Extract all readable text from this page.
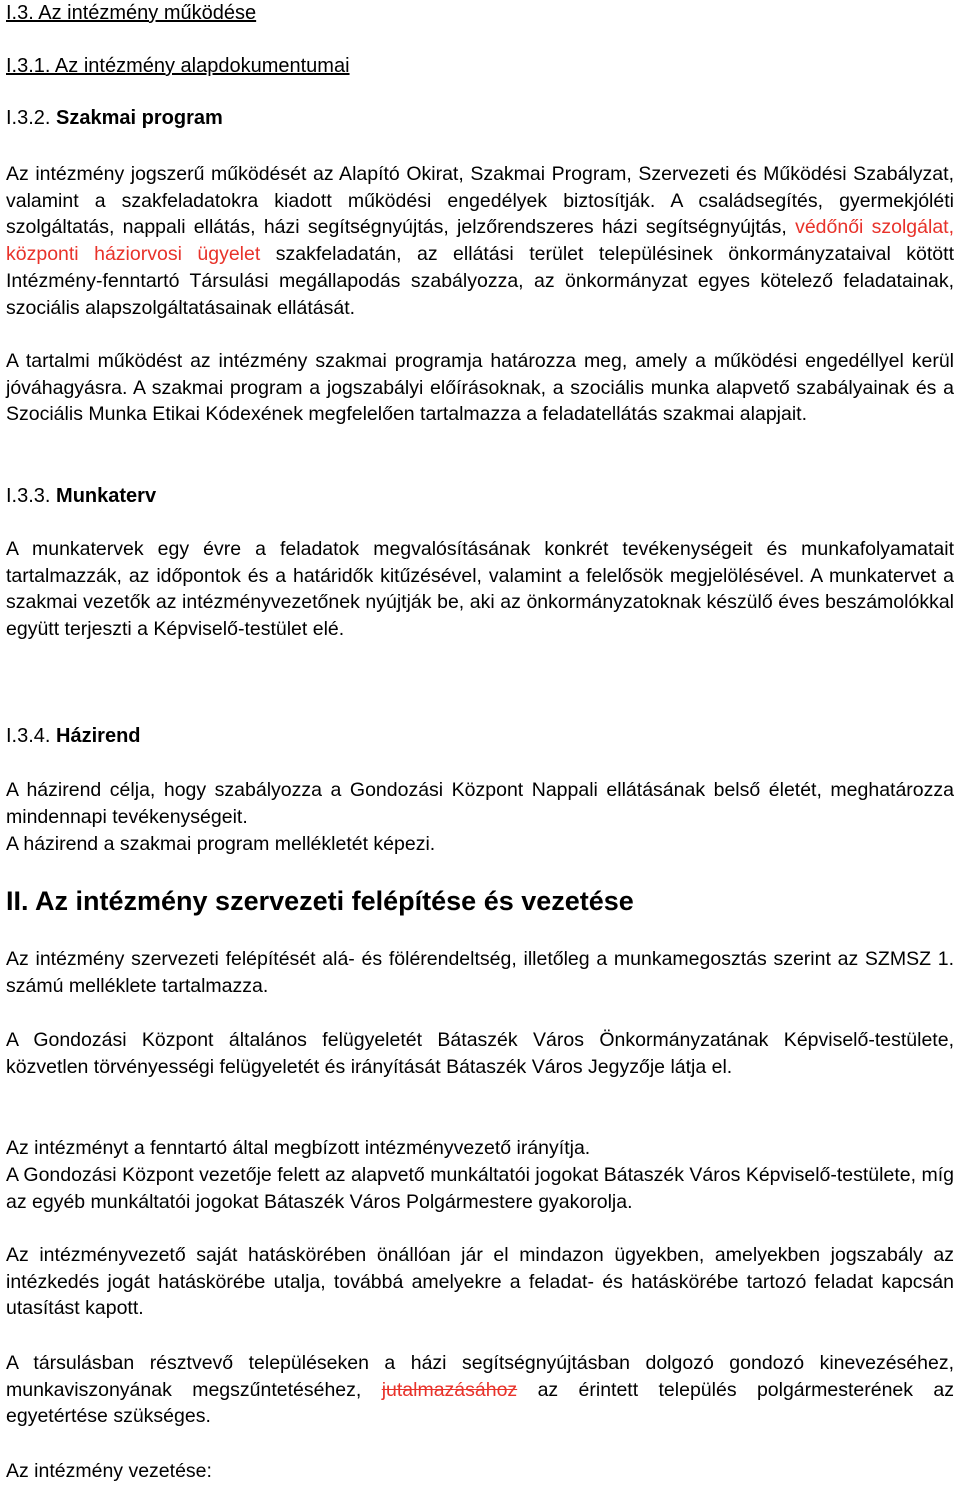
I.3. Az intézmény működése
I.3.1. Az intézmény alapdokumentumai
I.3.2. Szakmai program

Az intézmény jogszerű működését az Alapító Okirat, Szakmai Program, Szervezeti és Működési Szabályzat, valamint a szakfeladatokra kiadott működési engedélyek biztosítják. A családsegítés, gyermekjóléti szolgáltatás, nappali ellátás, házi segítségnyújtás, jelzőrendszeres házi segítségnyújtás, védőnői szolgálat, központi háziorvosi ügyelet szakfeladatán, az ellátási terület településinek önkormányzataival kötött Intézmény-fenntartó Társulási megállapodás szabályozza, az önkormányzat egyes kötelező feladatainak, szociális alapszolgáltatásainak ellátását.

A tartalmi működést az intézmény szakmai programja határozza meg, amely a működési engedéllyel kerül jóváhagyásra. A szakmai program a jogszabályi előírásoknak, a szociális munka alapvető szabályainak és a Szociális Munka Etikai Kódexének megfelelően tartalmazza a feladatellátás szakmai alapjait.

I.3.3. Munkaterv

A munkatervek egy évre a feladatok megvalósításának konkrét tevékenységeit és munkafolyamatait tartalmazzák, az időpontok és a határidők kitűzésével, valamint a felelősök megjelölésével. A munkatervet a szakmai vezetők az intézményvezetőnek nyújtják be, aki az önkormányzatoknak készülő éves beszámolókkal együtt terjeszti a Képviselő-testület elé.

I.3.4. Házirend

A házirend célja, hogy szabályozza a Gondozási Központ Nappali ellátásának belső életét, meghatározza mindennapi tevékenységeit.

A házirend a szakmai program mellékletét képezi.

II. Az intézmény szervezeti felépítése és vezetése

Az intézmény szervezeti felépítését alá- és fölérendeltség, illetőleg a munkamegosztás szerint az SZMSZ 1. számú melléklete tartalmazza.

A Gondozási Központ általános felügyeletét Bátaszék Város Önkormányzatának Képviselő-testülete, közvetlen törvényességi felügyeletét és irányítását Bátaszék Város Jegyzője látja el.

Az intézményt a fenntartó által megbízott intézményvezető irányítja.

A Gondozási Központ vezetője felett az alapvető munkáltatói jogokat Bátaszék Város Képviselő-testülete, míg az egyéb munkáltatói jogokat Bátaszék Város Polgármestere gyakorolja.

Az intézményvezető saját hatáskörében önállóan jár el mindazon ügyekben, amelyekben jogszabály az intézkedés jogát hatáskörébe utalja, továbbá amelyekre a feladat- és hatáskörébe tartozó feladat kapcsán utasítást kapott.

A társulásban résztvevő településeken a házi segítségnyújtásban dolgozó gondozó kinevezéséhez, munkaviszonyának megszűntetéséhez, jutalmazásához az érintett település polgármesterének az egyetértése szükséges.

Az intézmény vezetése:
